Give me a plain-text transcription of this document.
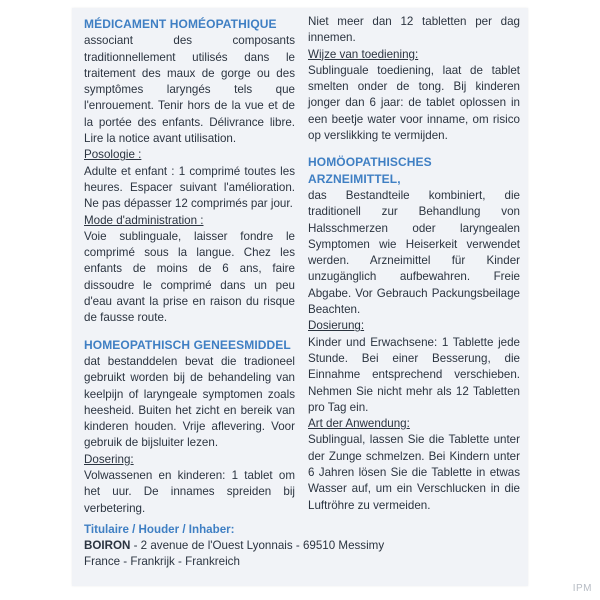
MÉDICAMENT HOMÉOPATHIQUE
associant des composants traditionnellement utilisés dans le traitement des maux de gorge ou des symptômes laryngés tels que l'enrouement. Tenir hors de la vue et de la portée des enfants. Délivrance libre. Lire la notice avant utilisation.
Posologie :
Adulte et enfant : 1 comprimé toutes les heures. Espacer suivant l'amélioration. Ne pas dépasser 12 comprimés par jour.
Mode d'administration :
Voie sublinguale, laisser fondre le comprimé sous la langue. Chez les enfants de moins de 6 ans, faire dissoudre le comprimé dans un peu d'eau avant la prise en raison du risque de fausse route.
HOMEOPATHISCH GENEESMIDDEL
dat bestanddelen bevat die tradioneel gebruikt worden bij de behandeling van keelpijn of laryngeale symptomen zoals heesheid. Buiten het zicht en bereik van kinderen houden. Vrije aflevering. Voor gebruik de bijsluiter lezen.
Dosering:
Volwassenen en kinderen: 1 tablet om het uur. De innames spreiden bij verbetering.
Niet meer dan 12 tabletten per dag innemen.
Wijze van toediening:
Sublinguale toediening, laat de tablet smelten onder de tong. Bij kinderen jonger dan 6 jaar: de tablet oplossen in een beetje water voor inname, om risico op verslikking te vermijden.
HOMÖOPATHISCHES ARZNEIMITTEL,
das Bestandteile kombiniert, die traditionell zur Behandlung von Halsschmerzen oder laryngealen Symptomen wie Heiserkeit verwendet werden. Arzneimittel für Kinder unzugänglich aufbewahren. Freie Abgabe. Vor Gebrauch Packungsbeilage Beachten.
Dosierung:
Kinder und Erwachsene: 1 Tablette jede Stunde. Bei einer Besserung, die Einnahme entsprechend verschieben. Nehmen Sie nicht mehr als 12 Tabletten pro Tag ein.
Art der Anwendung:
Sublingual, lassen Sie die Tablette unter der Zunge schmelzen. Bei Kindern unter 6 Jahren lösen Sie die Tablette in etwas Wasser auf, um ein Verschlucken in die Luftröhre zu vermeiden.
Titulaire / Houder / Inhaber:
BOIRON - 2 avenue de l'Ouest Lyonnais - 69510 Messimy
France - Frankrijk - Frankreich
IPM
